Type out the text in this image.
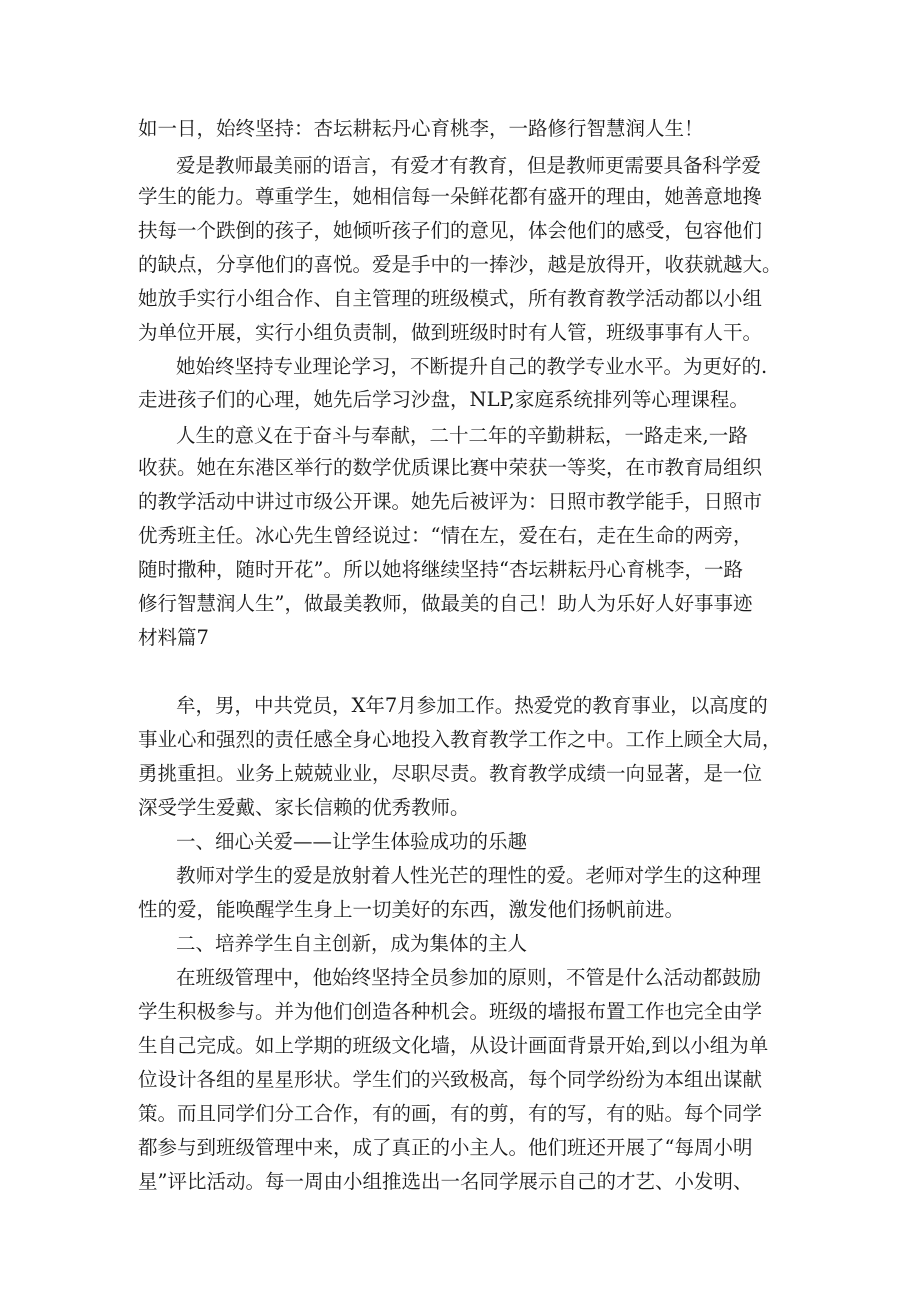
如一日，始终坚持：杏坛耕耘丹心育桃李，一路修行智慧润人生！
爱是教师最美丽的语言，有爱才有教育，但是教师更需要具备科学爱
学生的能力。尊重学生，她相信每一朵鲜花都有盛开的理由，她善意地搀
扶每一个跌倒的孩子，她倾听孩子们的意见，体会他们的感受，包容他们
的缺点，分享他们的喜悦。爱是手中的一捧沙，越是放得开，收获就越大。
她放手实行小组合作、自主管理的班级模式，所有教育教学活动都以小组
为单位开展，实行小组负责制，做到班级时时有人管，班级事事有人干。
她始终坚持专业理论学习，不断提升自己的教学专业水平。为更好的.
走进孩子们的心理，她先后学习沙盘，NLP,家庭系统排列等心理课程。
人生的意义在于奋斗与奉献，二十二年的辛勤耕耘，一路走来,一路
收获。她在东港区举行的数学优质课比赛中荣获一等奖，在市教育局组织
的教学活动中讲过市级公开课。她先后被评为：日照市教学能手，日照市
优秀班主任。冰心先生曾经说过：“情在左，爱在右，走在生命的两旁，
随时撒种，随时开花”。所以她将继续坚持“杏坛耕耘丹心育桃李，一路
修行智慧润人生”，做最美教师，做最美的自己！助人为乐好人好事事迹
材料篇7
牟，男，中共党员，X年7月参加工作。热爱党的教育事业，以高度的
事业心和强烈的责任感全身心地投入教育教学工作之中。工作上顾全大局，
勇挑重担。业务上兢兢业业，尽职尽责。教育教学成绩一向显著，是一位
深受学生爱戴、家长信赖的优秀教师。
一、细心关爱——让学生体验成功的乐趣
教师对学生的爱是放射着人性光芒的理性的爱。老师对学生的这种理
性的爱，能唤醒学生身上一切美好的东西，激发他们扬帆前进。
二、培养学生自主创新，成为集体的主人
在班级管理中，他始终坚持全员参加的原则，不管是什么活动都鼓励
学生积极参与。并为他们创造各种机会。班级的墙报布置工作也完全由学
生自己完成。如上学期的班级文化墙，从设计画面背景开始,到以小组为单
位设计各组的星星形状。学生们的兴致极高，每个同学纷纷为本组出谋献
策。而且同学们分工合作，有的画，有的剪，有的写，有的贴。每个同学
都参与到班级管理中来，成了真正的小主人。他们班还开展了“每周小明
星”评比活动。每一周由小组推选出一名同学展示自己的才艺、小发明、
